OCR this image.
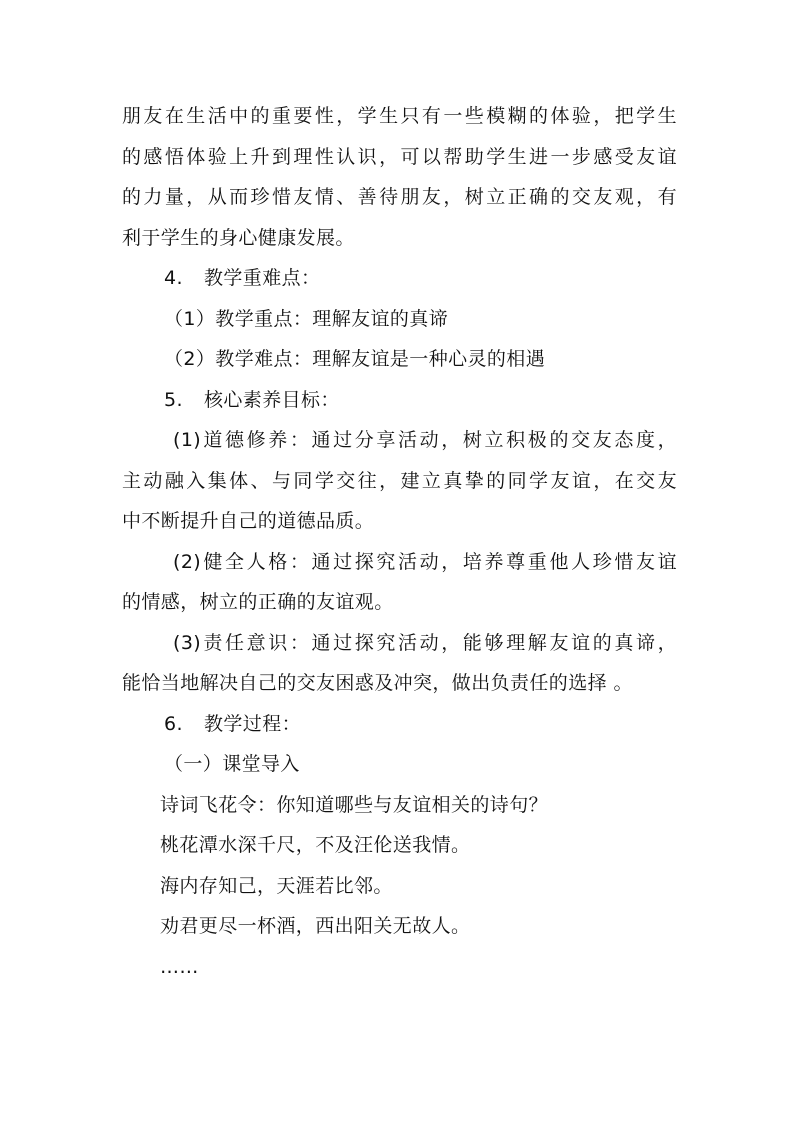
朋友在生活中的重要性，学生只有一些模糊的体验，把学生

的感悟体验上升到理性认识，可以帮助学生进一步感受友谊

的力量，从而珍惜友情、善待朋友，树立正确的交友观，有

利于学生的身心健康发展。

4. 教学重难点：

（1）教学重点：理解友谊的真谛

（2）教学难点：理解友谊是一种心灵的相遇

5. 核心素养目标：

(1)道德修养：通过分享活动，树立积极的交友态度，

主动融入集体、与同学交往，建立真挚的同学友谊，在交友

中不断提升自己的道德品质。

(2)健全人格：通过探究活动，培养尊重他人珍惜友谊

的情感，树立的正确的友谊观。

(3)责任意识：通过探究活动，能够理解友谊的真谛，

能恰当地解决自己的交友困惑及冲突，做出负责任的选择 。

6. 教学过程：

（一）课堂导入

诗词飞花令：你知道哪些与友谊相关的诗句？

桃花潭水深千尺，不及汪伦送我情。

海内存知己，天涯若比邻。

劝君更尽一杯酒，西出阳关无故人。

……
